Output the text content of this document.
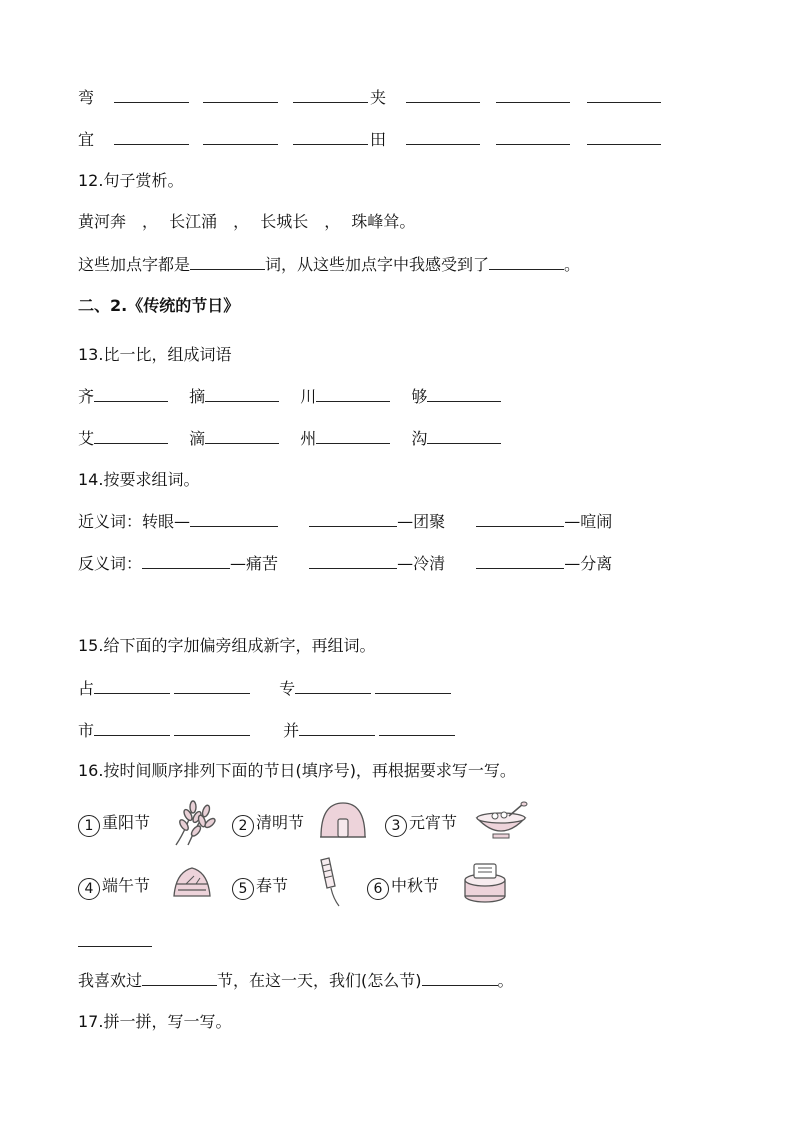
弯	夹
宜	田
12.句子赏析。
黄河奔 ， 长江涌 ， 长城长 ， 珠峰耸。
这些加点字都是	词，从这些加点字中我感受到了	。
二、2.《传统的节日》
13.比一比，组成词语
齐	摘	川	够
艾	滴	州	沟
14.按要求组词。
近义词：转眼—	—团聚	—喧闹
反义词：	—痛苦	—冷清	—分离
15.给下面的字加偏旁组成新字，再组词。
占	专
市	并
16.按时间顺序排列下面的节日(填序号)，再根据要求写一写。
1 重阳节	2 清明节	3 元宵节
4 端午节	5 春节	6 中秋节
我喜欢过	节，在这一天，我们(怎么节)	。
17.拼一拼，写一写。
